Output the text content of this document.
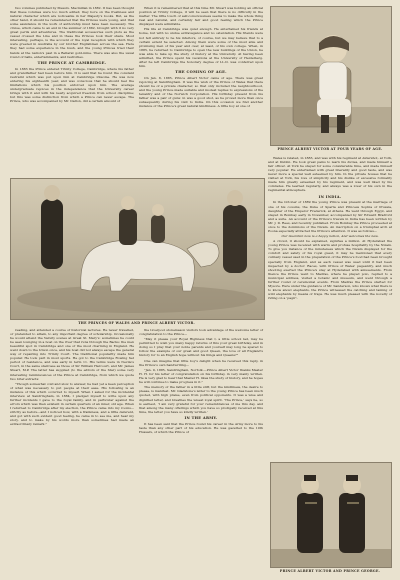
two volumes published by Messrs. Macmillan in 1882. It has been thought that these volumes were too much edited; they bore on the freshness and natural character which are noticeable in her Majesty's books. But, as the other hand, it should be remembered that the Princes were young, and that some assistance in the work of authorship must have been necessary. The cruise, which came to an end in the summer of 1882, brought with it no very great perils and adventures. The traditional accessories such plots as the vessel crossed the Line and in these the Princes took their share. Most interesting, perhaps, is the account of the loyal reception with which they were greeted in Australia by our brother Englishmen across the sea. Here they had some experience in the bush, and the young Princes tried their hands at the nation's past in a Bellarat gold-mine. There was also the usual round of balls, entertainments, and festivities.

THE PRINCE AT CAMBRIDGE.

In 1883 the Prince entered Trinity College, Cambridge, where his father and grandfather had been before him. It is said that he found the constant restraint which was put upon him at Cambridge irksome. He was now entering his eighteenth year, and was conscious that he should feel the limitations which his position enforced upon him. The average undergraduate rejoices in the independence that the University career brings with it and with his newly acquired freedom from school discipline; but this was some distinction from which a Prince can never escape. The Prince, who was accompanied by Mr. Dalton, did a certain amount of

THE PRINCES OF WALES AND PRINCE ALBERT VICTOR.

reading, and attended a course of historical lectures. He never travelled, or pretended to attain, to any important degree of scholarship. Occasionally he would attend the Varsity scenes at Great St. Mary's: sometimes he could be seen lounging in a boat on the river that runs through the Backs; the men beautiful spot in Cambridge and one of the most charming in England. He went down to the Union once, and his boat did not always escape the general way of repairing into Trinity Court. The traditional popularity made him popular. He took part in most sports. He got to the Cambridge Rowing Set period of residence, and was early in term 11. His terms were in Nevile's Court, in the same staircase as those of Sir William Harcourt, and Mr. James Stuart, M.P. The latter has supplied (to the editors of the Star) some very interesting reminiscences of the Prince at Cambridge, from which we quote two brief extracts:

"Though somewhat cold and slow to answer, he had yet a keen perception of what was necessary to put people at their ease. His following is an instance of this which occurred to myself. When I asked for the incidental interview at Sandringham, in 1884, I pledged myself to write upon any further incidents I gave to the royal family, and in particular against the errors which was then existent in certain quarters of an inner, old age. When I returned to Cambridge after my election, the Prince came into my rooms—strictly as before—and I noticed how, with a frankness, and a little deferent, and got with such evident good feeling, he came in to see me, and hear my story, and to make by his words more than sometimes had made an extraordinary remark."

When it is remembered that at this time Mr. Stuart was holding an official position at Trinity College, it will be seen that there is no difficulty in the matter. The little touch of self-consciousness seems to make the whole thing real and natural, and certainly fair and good feeling which the Prince displayed were admirable.

His life at Cambridge was quiet enough. He entertained his friends at home, but with no undue extravagance and no ostentation. His friends were not felt entirely to be his inferiors, of course, but we may believe that to a certain extent he selected. Among them were some of the most able and promising men of his year and over, at least, of his own college. When, in 1885, he returned to Cambridge to open the new buildings of the Union, he was able to take up the study of history at the University. At having been admitted, the Prince spent his vacations at the University of Heidelberg. After he left Cambridge the honorary degree of LL.D. was conferred upon him.

THE COMING OF AGE.

On Jan. 8, 1885, Prince Albert Victor came of age. There was great rejoicing at Sandringham. It was the wish of the Prince of Wales that there should be of a private character, so that only included the neighbourhood, and the young Prince made suitable and modest replies to expressions of the tenantry and of the Norwich Corporation. His birthday present from his father was a pair of guns: in was a good shot, as he proved more than once subsequently during his visit to India. On this occasion we find another instance of the Prince's great natural kindliness. A little boy at one of

the Liverpool stonemason visitors took advantage of the welcome letter of congratulation to the Prince—

"May it please your Royal Highness that I, a little school lad, may be permitted to wish you many happy returns of this your great birthday, and in doing so I pray that your noble parents and yourself may long be spared to follow the example of our great and good Queen, the love of all England's history for to an English hope without his Kings and Queens?"

One can imagine that little boy's delight when he received this reply, in the Prince's own handwriting—

"Jan. 9, 1885, Sandringham, Norfolk.—Prince Albert Victor thanks Master H. H. for his letter of congratulation on his birthday, in very manly written. He is very glad to hear that Master H. likes the study of history, and he hopes he will continue to make progress in it."

The memory of the father in a little stiff, but the kindliness, the desire to please, is manifest. Mr. Gladstone's letter to the young Prince has been much quoted, with high praise, even from political opponents. It was a wise and dignified letter, and breathes the wisest loyal spirit. 'The Prince,' says he, so is earnest, 'I am very grateful for your remembrances of me this day, and that among the many offerings which you have so prodigally received at this time, the letter you have so kindly written.'

IN THE ARMY.

It has been said that the Prince found his career in the Army more to his taste than any other part of his education. He was gazetted to the 10th Hussars, of which the Prince of

PRINCE ALBERT VICTOR AT FOUR YEARS OF AGE.

Wales is related, in 1883, and was with his regiment at Aldershot, at York, and at Dublin. He took great pains to learn his duties, and made himself a fair officer. At York he stayed for some considerable time, and made himself very popular. He entertained with great liberality and good taste, and was never more a special well esteemed by him. In the private houses that he visited at York, his love of simplicity and his dislike of excessive formality made him greatly esteemed by his regiment, and was well liked by his comrades. He learned regularly, and always was a lover of his own in the regimental atmosphere.

IN INDIA.

In the October of 1889 the young Prince was present at the marriage of one of his cousins, the Duke of Sparta and Princess Sophia of Prussia, daughter of the Emperor Frederick, at Athens. He went through Egypt, and stayed in Bombay early in November, accompanied by Sir Edward Bradford and a suite. An account of the Prince's travels in India has been written by Mr. J. D. Rees, and recently published. From Bombay the Prince proceeded at once to the dominions of the Nizam. An inscription on a triumphal arch at Poona especially attracted the Prince's attention. It was as follows—

Our Guardian now is a happy nation, And welcomes the new.

A crowd, it should be explained, signifies a million. At Hyderabad the young Prince was received with warm and profuse hospitality by the Nizam. To give you instance of the minuteness which the Nizam displayed for the comfort and safety of his royal guest, it may be mentioned that every culinary vessel used in the preparation of the Prince's food had been brought specially from England, and as each vessel was used until it had been inspected by a doctor. Races, with Prince of Wales' pageantry, and much shooting exerted the Prince's stay at Hyderabad with amusements. From thence the Prince went to Madras, where he played polo, replied to a municipal address, visited a botanic and museum, and went through a further round of ceremonial events. From Madras the Prince started for Mysore. Here under the guidance of Mr. Sanderson, who knows what there is to know about elephants, the Prince witnessed the catching and taming of wild elephants by means of traps. He was much pleased with the novelty of riding on a 'pagir'-

PRINCE ALBERT VICTOR AND PRINCE GEORGE.
